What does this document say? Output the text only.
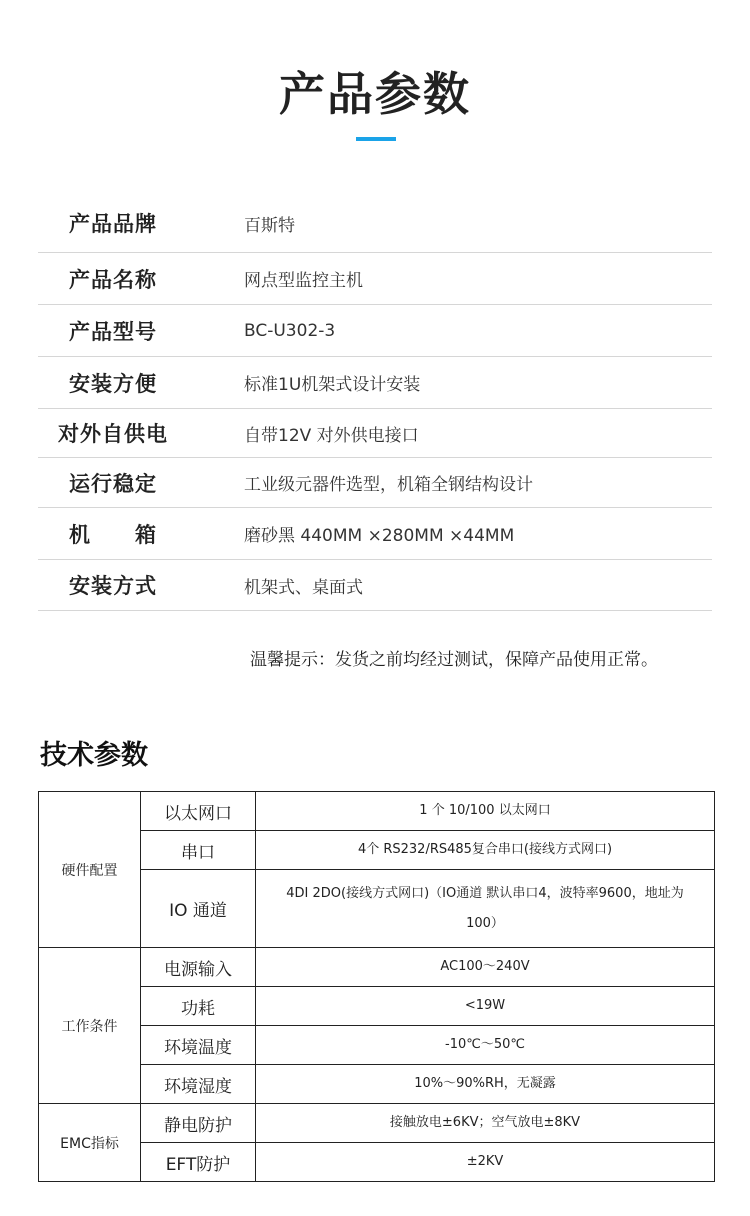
产品参数
产品品牌	百斯特
产品名称	网点型监控主机
产品型号	BC-U302-3
安装方便	标准1U机架式设计安装
对外自供电	自带12V 对外供电接口
运行稳定	工业级元器件选型，机箱全钢结构设计
机　　箱	磨砂黑 440MM ×280MM ×44MM
安装方式	机架式、桌面式
温馨提示：发货之前均经过测试，保障产品使用正常。
技术参数
硬件配置	以太网口	1 个 10/100 以太网口
	串口	4个 RS232/RS485复合串口(接线方式网口)
	IO 通道	4DI 2DO(接线方式网口)（IO通道 默认串口4，波特率9600，地址为100）
工作条件	电源输入	AC100～240V
	功耗	<19W
	环境温度	-10℃～50℃
	环境湿度	10%～90%RH，无凝露
EMC指标	静电防护	接触放电±6KV；空气放电±8KV
	EFT防护	±2KV
